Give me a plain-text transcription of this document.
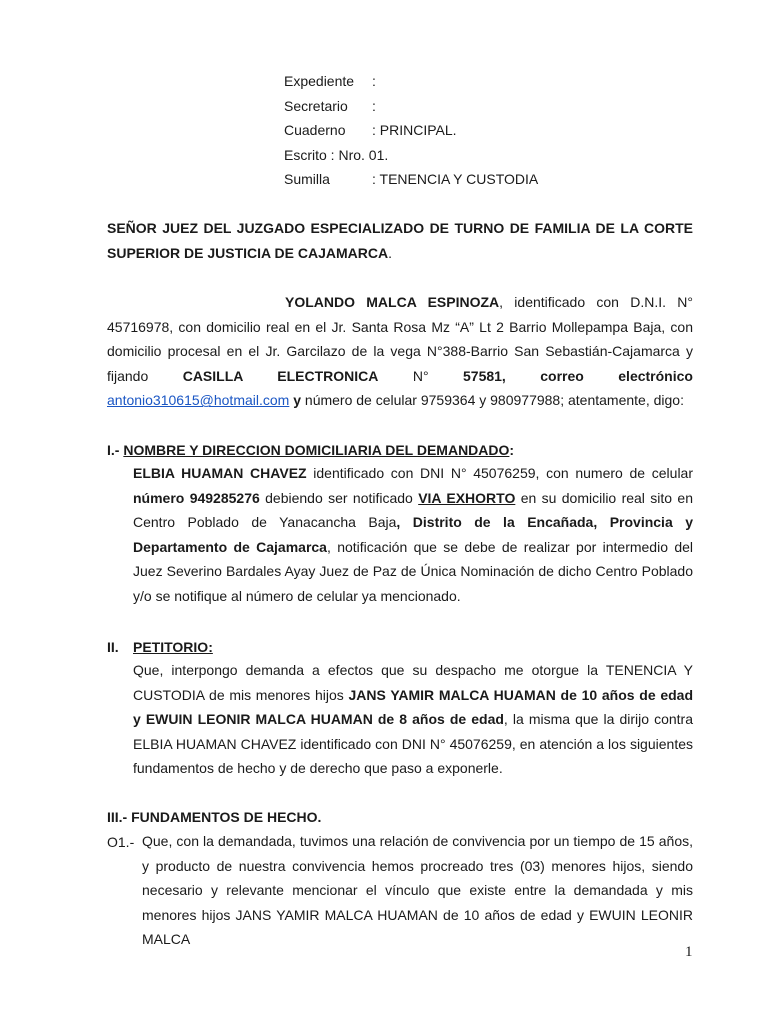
Expediente :
Secretario :
Cuaderno : PRINCIPAL.
Escrito : Nro. 01.
Sumilla	: TENENCIA Y CUSTODIA
SEÑOR JUEZ DEL JUZGADO ESPECIALIZADO DE TURNO DE FAMILIA DE LA CORTE SUPERIOR DE JUSTICIA DE CAJAMARCA.
YOLANDO MALCA ESPINOZA, identificado con D.N.I. N° 45716978, con domicilio real en el Jr. Santa Rosa Mz “A” Lt 2 Barrio Mollepampa Baja, con domicilio procesal en el Jr. Garcilazo de la vega N°388-Barrio San Sebastián-Cajamarca y fijando CASILLA ELECTRONICA N° 57581, correo electrónico antonio310615@hotmail.com y número de celular 9759364 y 980977988; atentamente, digo:
I.- NOMBRE Y DIRECCION DOMICILIARIA DEL DEMANDADO:
ELBIA HUAMAN CHAVEZ identificado con DNI N° 45076259, con numero de celular número 949285276 debiendo ser notificado VIA EXHORTO en su domicilio real sito en Centro Poblado de Yanacancha Baja, Distrito de la Encañada, Provincia y Departamento de Cajamarca, notificación que se debe de realizar por intermedio del Juez Severino Bardales Ayay Juez de Paz de Única Nominación de dicho Centro Poblado y/o se notifique al número de celular ya mencionado.
II. PETITORIO:
Que, interpongo demanda a efectos que su despacho me otorgue la TENENCIA Y CUSTODIA de mis menores hijos JANS YAMIR MALCA HUAMAN de 10 años de edad y EWUIN LEONIR MALCA HUAMAN de 8 años de edad, la misma que la dirijo contra ELBIA HUAMAN CHAVEZ identificado con DNI N° 45076259, en atención a los siguientes fundamentos de hecho y de derecho que paso a exponerle.
III.- FUNDAMENTOS DE HECHO.
O1.- Que, con la demandada, tuvimos una relación de convivencia por un tiempo de 15 años, y producto de nuestra convivencia hemos procreado tres (03) menores hijos, siendo necesario y relevante mencionar el vínculo que existe entre la demandada y mis menores hijos JANS YAMIR MALCA HUAMAN de 10 años de edad y EWUIN LEONIR MALCA
1
